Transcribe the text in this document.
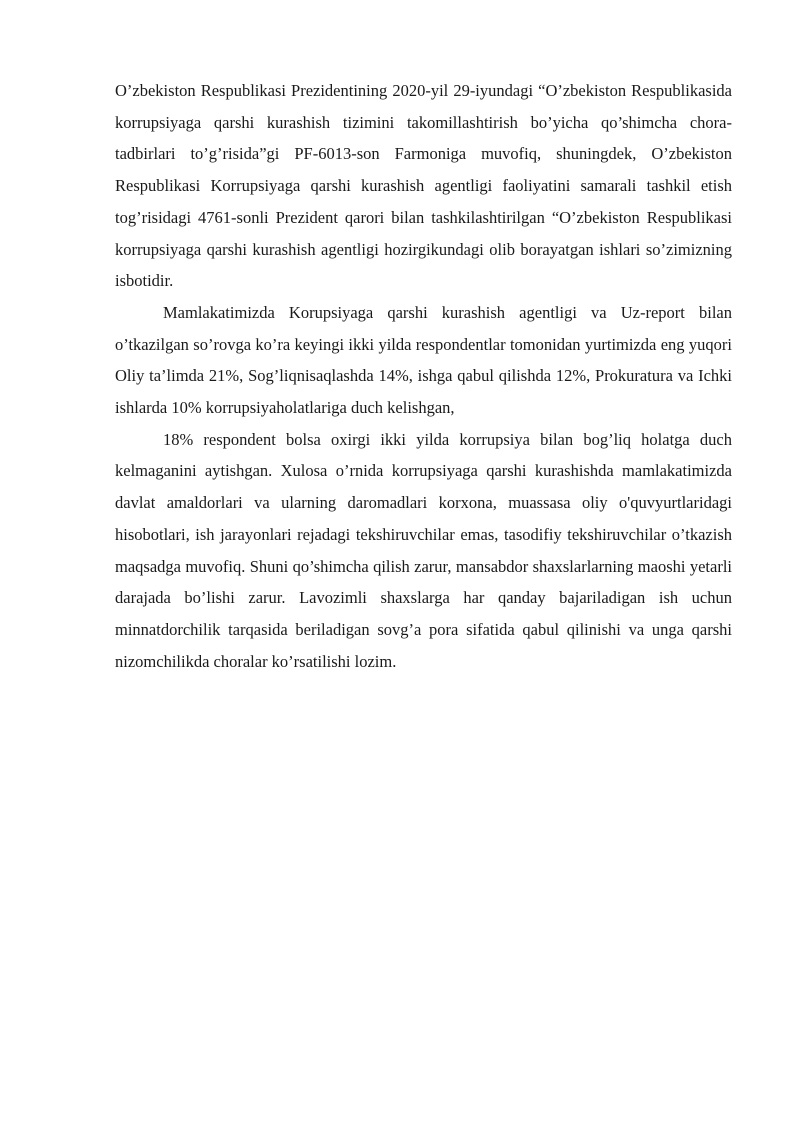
O’zbekiston Respublikasi Prezidentining 2020-yil 29-iyundagi “O’zbekiston Respublikasida korrupsiyaga qarshi kurashish tizimini takomillashtirish bo’yicha qo’shimcha chora-tadbirlari to’g’risida”gi PF-6013-son Farmoniga muvofiq, shuningdek, O’zbekiston Respublikasi Korrupsiyaga qarshi kurashish agentligi faoliyatini samarali tashkil etish tog’risidagi 4761-sonli Prezident qarori bilan tashkilashtirilgan “O’zbekiston Respublikasi korrupsiyaga qarshi kurashish agentligi hozirgikundagi olib borayatgan ishlari so’zimizning isbotidir.

Mamlakatimizda Korupsiyaga qarshi kurashish agentligi va Uz-report bilan o’tkazilgan so’rovga ko’ra keyingi ikki yilda respondentlar tomonidan yurtimizda eng yuqori Oliy ta’limda 21%, Sog’liqnisaqlashda 14%, ishga qabul qilishda 12%, Prokuratura va Ichki ishlarda 10% korrupsiyaholatlariga duch kelishgan,

18% respondent bolsa oxirgi ikki yilda korrupsiya bilan bog’liq holatga duch kelmaganini aytishgan. Xulosa o’rnida korrupsiyaga qarshi kurashishda mamlakatimizda davlat amaldorlari va ularning daromadlari korxona, muassasa oliy o'quvyurtlaridagi hisobotlari, ish jarayonlari rejadagi tekshiruvchilar emas, tasodifiy tekshiruvchilar o’tkazish maqsadga muvofiq. Shuni qo’shimcha qilish zarur, mansabdor shaxslarlarning maoshi yetarli darajada bo’lishi zarur. Lavozimli shaxslarga har qanday bajariladigan ish uchun minnatdorchilik tarqasida beriladigan sovg’a pora sifatida qabul qilinishi va unga qarshi nizomchilikda choralar ko’rsatilishi lozim.
